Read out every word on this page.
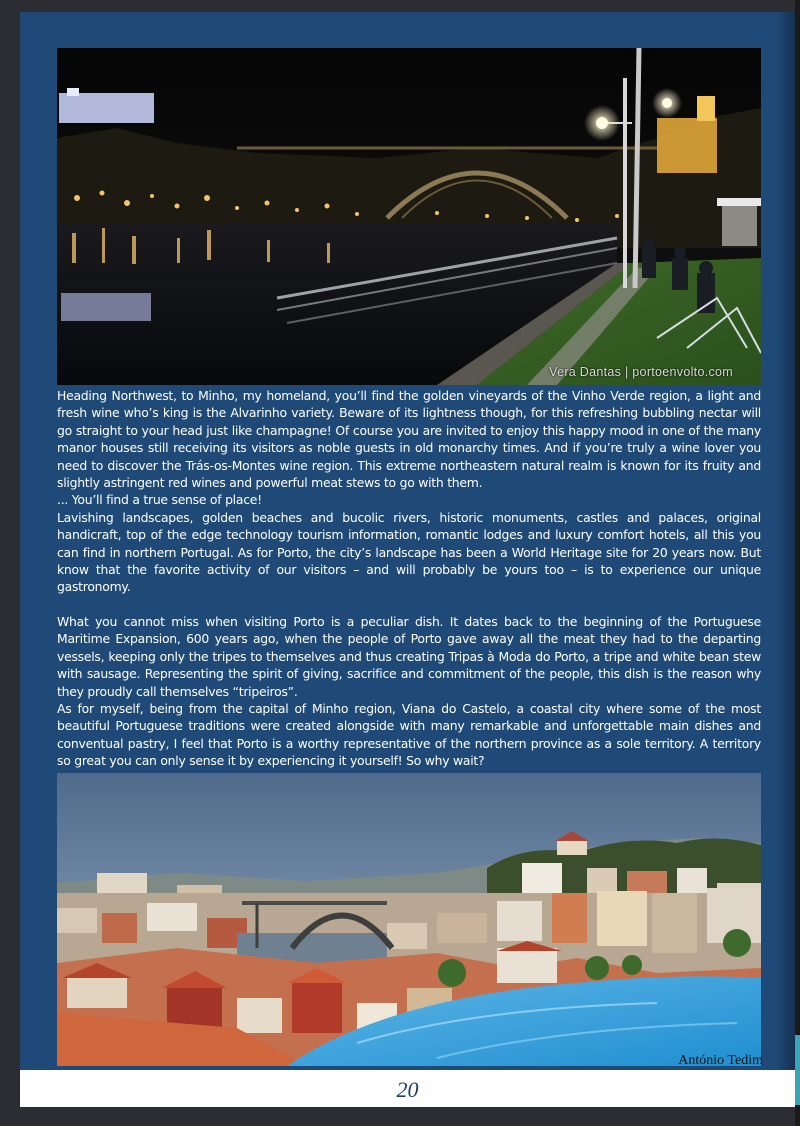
Vera Dantas | portoenvolto.com

Heading Northwest, to Minho, my homeland, you’ll find the golden vineyards of the Vinho Verde region, a light and fresh wine who’s king is the Alvarinho variety. Beware of its lightness though, for this refreshing bubbling nectar will go straight to your head just like champagne! Of course you are invited to enjoy this happy mood in one of the many manor houses still receiving its visitors as noble guests in old monarchy times. And if you’re truly a wine lover you need to discover the Trás-os-Montes wine region. This extreme northeastern natural realm is known for its fruity and slightly astringent red wines and powerful meat stews to go with them.

... You’ll find a true sense of place!

Lavishing landscapes, golden beaches and bucolic rivers, historic monuments, castles and palaces, original handicraft, top of the edge technology tourism information, romantic lodges and luxury comfort hotels, all this you can find in northern Portugal. As for Porto, the city’s landscape has been a World Heritage site for 20 years now. But know that the favorite activity of our visitors – and will probably be yours too – is to experience our unique gastronomy.

What you cannot miss when visiting Porto is a peculiar dish. It dates back to the beginning of the Portuguese Maritime Expansion, 600 years ago, when the people of Porto gave away all the meat they had to the departing vessels, keeping only the tripes to themselves and thus creating Tripas à Moda do Porto, a tripe and white bean stew with sausage. Representing the spirit of giving, sacrifice and commitment of the people, this dish is the reason why they proudly call themselves “tripeiros”.

As for myself, being from the capital of Minho region, Viana do Castelo, a coastal city where some of the most beautiful Portuguese traditions were created alongside with many remarkable and unforgettable main dishes and conventual pastry, I feel that Porto is a worthy representative of the northern province as a sole territory. A territory so great you can only sense it by experiencing it yourself! So why wait?

António Tedim
20
